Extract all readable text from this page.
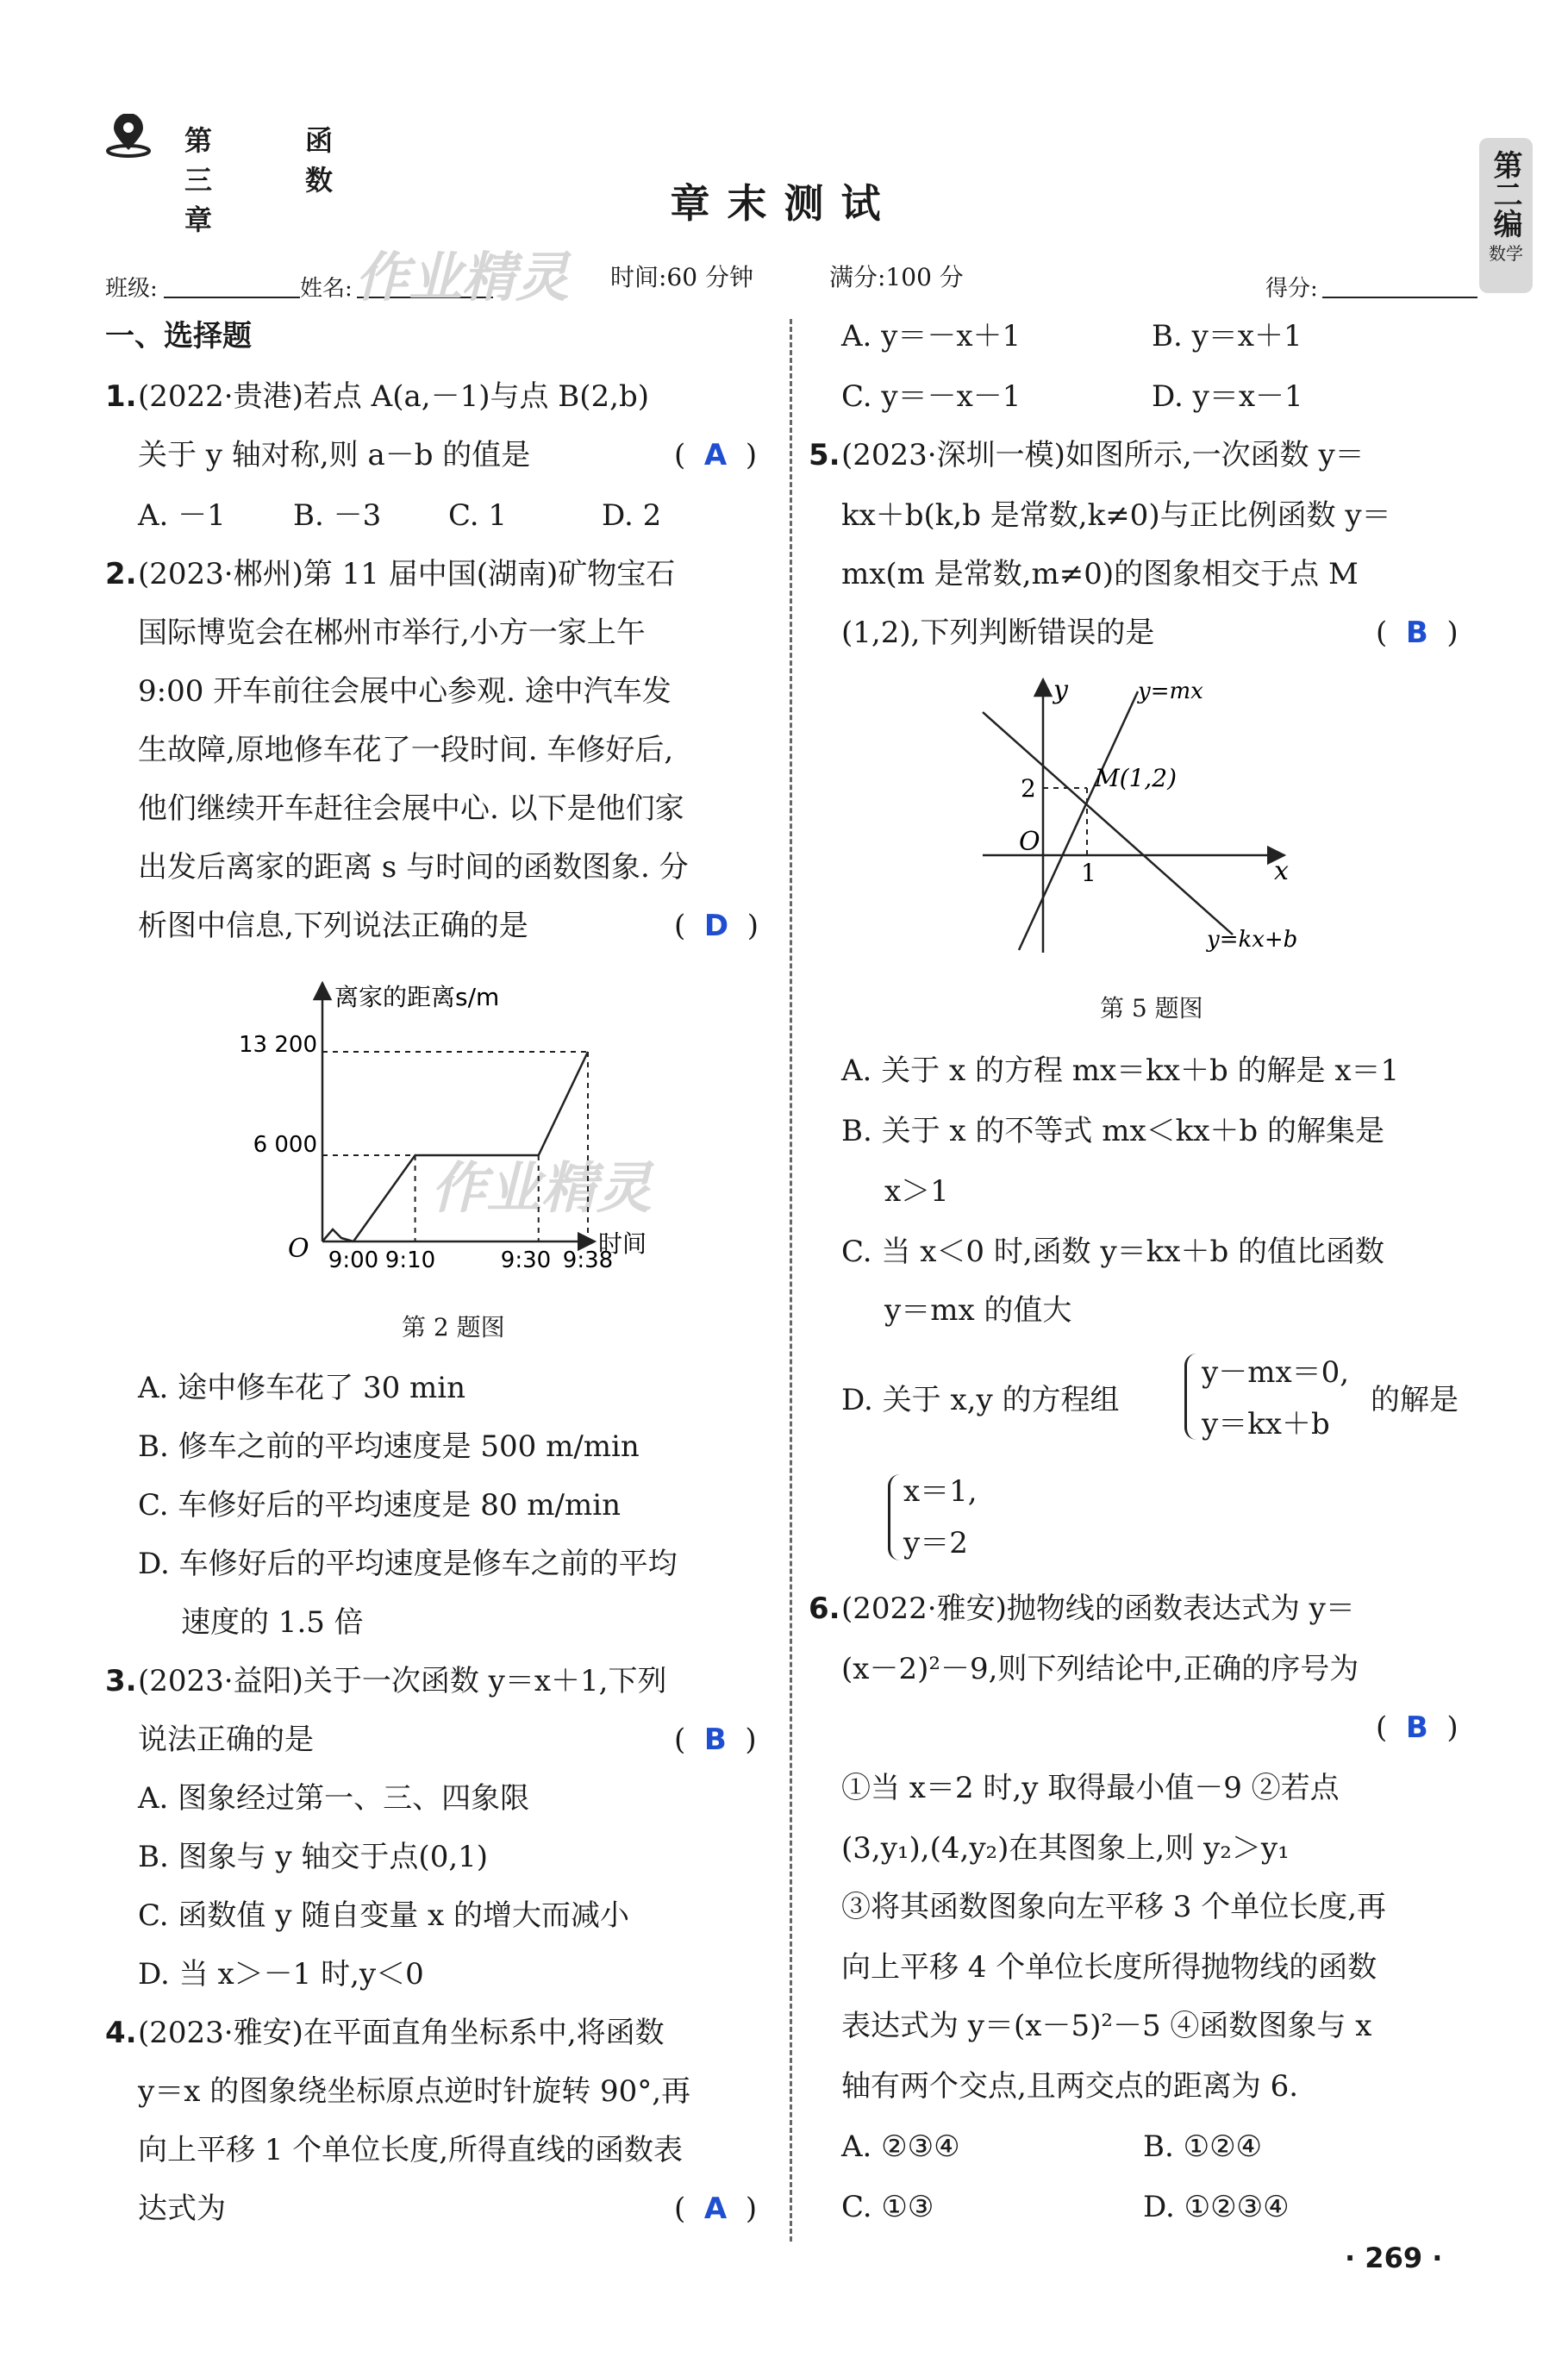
第三章
函数	第二编
数学
章末测试
班级:	姓名: 作业精灵 时间:60 分钟	满分:100 分	得分:
一、选择题
1. (2022·贵港)若点 A(a,－1)与点 B(2,b)
关于 y 轴对称,则 a－b 的值是	(  A  )
A. －1 B. －3 C. 1	D. 2
2. (2023·郴州)第 11 届中国(湖南)矿物宝石
国际博览会在郴州市举行,小方一家上午
9:00 开车前往会展中心参观. 途中汽车发
生故障,原地修车花了一段时间. 车修好后,
他们继续开车赶往会展中心. 以下是他们家
出发后离家的距离 s 与时间的函数图象. 分
析图中信息,下列说法正确的是	(  D  )
作业精灵
离家的距离s/m
时间
O
6 000
13 200
9:00 9:10	9:30 9:38
第 2 题图
A. 途中修车花了 30 min
B. 修车之前的平均速度是 500 m/min
C. 车修好后的平均速度是 80 m/min
D. 车修好后的平均速度是修车之前的平均
速度的 1.5 倍
3. (2023·益阳)关于一次函数 y＝x＋1,下列
说法正确的是	(  B  )
A. 图象经过第一、三、四象限
B. 图象与 y 轴交于点(0,1)
C. 函数值 y 随自变量 x 的增大而减小
D. 当 x＞－1 时,y＜0
4. (2023·雅安)在平面直角坐标系中,将函数
y＝x 的图象绕坐标原点逆时针旋转 90°,再
向上平移 1 个单位长度,所得直线的函数表
达式为	(  A  )
A. y＝－x＋1	B. y＝x＋1
C. y＝－x－1	D. y＝x－1
5. (2023·深圳一模)如图所示,一次函数 y＝
kx＋b(k,b 是常数,k≠0)与正比例函数 y＝
mx(m 是常数,m≠0)的图象相交于点 M
(1,2),下列判断错误的是	(  B  )
y
x
O
1
2 M(1,2)
y=mx
y=kx+b
第 5 题图
A. 关于 x 的方程 mx＝kx＋b 的解是 x＝1
B. 关于 x 的不等式 mx＜kx＋b 的解集是
x＞1
C. 当 x＜0 时,函数 y＝kx＋b 的值比函数
y＝mx 的值大
D. 关于 x,y 的方程组
y－mx＝0,
y＝kx＋b
的解是
x＝1,
y＝2
6. (2022·雅安)抛物线的函数表达式为 y＝
(x－2)²－9,则下列结论中,正确的序号为
(  B  )
①当 x＝2 时,y 取得最小值－9 ②若点
(3,y₁),(4,y₂)在其图象上,则 y₂＞y₁
③将其函数图象向左平移 3 个单位长度,再
向上平移 4 个单位长度所得抛物线的函数
表达式为 y＝(x－5)²－5 ④函数图象与 x
轴有两个交点,且两交点的距离为 6.
A. ②③④	B. ①②④
C. ①③	D. ①②③④
· 269 ·
